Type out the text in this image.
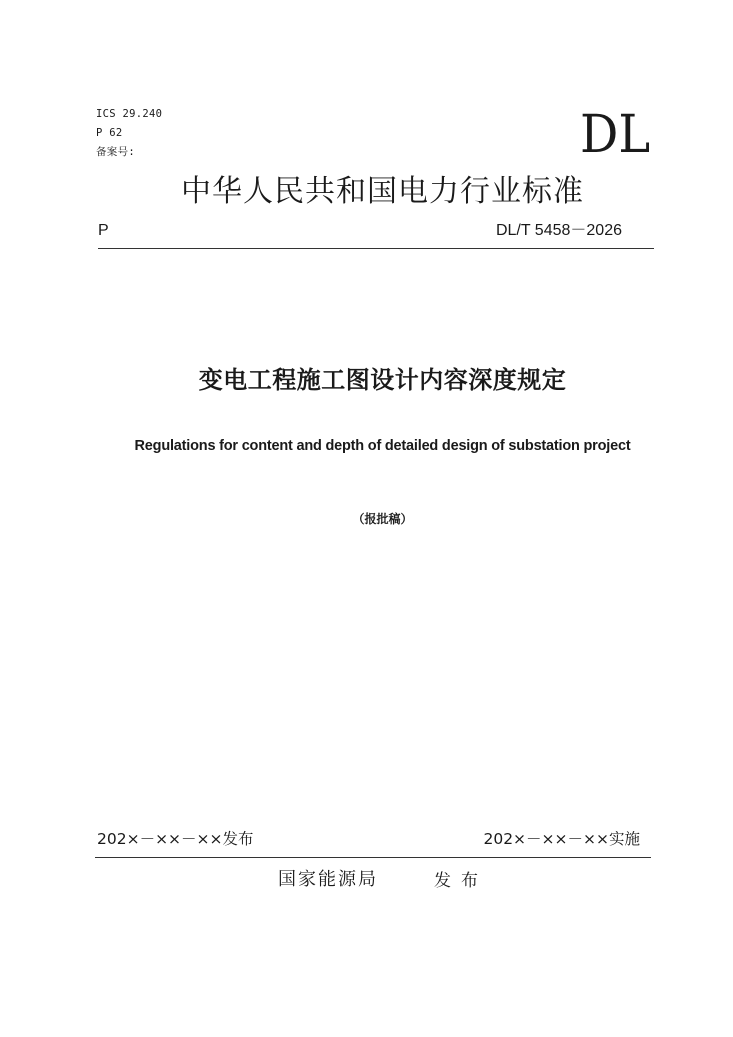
ICS 29.240
P 62
备案号:	DL
中华人民共和国电力行业标准
P	DL/T 5458－2026
变电工程施工图设计内容深度规定
Regulations for content and depth of detailed design of substation project
（报批稿）
202×－××－××发布	202×－××－××实施
国家能源局	发布
